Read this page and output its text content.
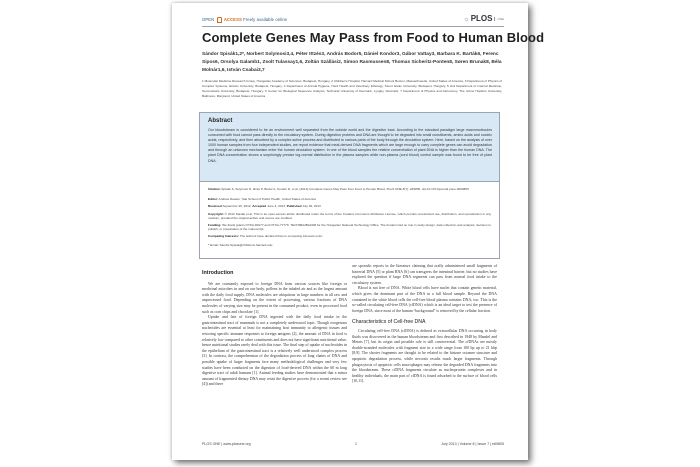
OPEN ACCESS Freely available online	☼PLOS ONE
Complete Genes May Pass from Food to Human Blood
Sándor Spisák1,2*, Norbert Solymosi3,4, Péter Ittzés3, András Bodor5, Dániel Kondor3, Gábor Vattay3, Barbara K. Barták6, Ferenc Sipos6, Orsolya Galamb1, Zsolt Tulassay1,6, Zoltán Szállási2, Simon Rasmussen8, Thomas Sicheritz-Ponten8, Søren Brunak8, Béla Molnár1,6, István Csabai3,7
1 Molecular Medicine Research Group, Hungarian Academy of Sciences, Budapest, Hungary, 2 Children's Hospital, Harvard Medical School Boston, Massachusetts, United States of America, 3 Department of Physics of Complex Systems, Eötvös University, Budapest, Hungary, 4 Department of Animal Hygiene, Herd Health and Veterinary Ethology, Szent István University, Budapest, Hungary, 5 2nd Department of Internal Medicine, Semmelweis University, Budapest, Hungary, 6 Center for Biological Sequence Analysis, Technical University of Denmark, Lyngby, Denmark, 7 Department of Physics and Astronomy, The Johns Hopkins University, Baltimore, Maryland, United States of America
Abstract

Our bloodstream is considered to be an environment well separated from the outside world and the digestive tract. According to the standard paradigm large macromolecules consumed with food cannot pass directly to the circulatory system. During digestion proteins and DNA are thought to be degraded into small constituents, amino acids and nucleic acids, respectively, and then absorbed by a complex active process and distributed to various parts of the body through the circulation system. Here, based on the analysis of over 1000 human samples from four independent studies, we report evidence that meal-derived DNA fragments which are large enough to carry complete genes can avoid degradation and through an unknown mechanism enter the human circulation system. In one of the blood samples the relative concentration of plant DNA is higher than the human DNA. The plant DNA concentration shows a surprisingly precise log-normal distribution in the plasma samples while non-plasma (cord blood) control sample was found to be free of plant DNA.

Citation: Spisák S, Solymosi N, Ittzés P, Bodor A, Kondor D, et al. (2013) Complete Genes May Pass from Food to Human Blood. PLoS ONE 8(7): e69805. doi:10.1371/journal.pone.0069805
Editor: Andrew Dewan, Yale School of Public Health, United States of America
Received September 25, 2012; Accepted June 4, 2013; Published July 30, 2013
Copyright: © 2013 Spisák et al. This is an open-access article distributed under the terms of the Creative Commons Attribution License, which permits unrestricted use, distribution, and reproduction in any medium, provided the original author and source are credited.
Funding: We thank grants OTKA-80177 and OTKA-77779, TECH08A2BioD08 for the Hungarian National Technology Office. The funders had no role in study design, data collection and analysis, decision to publish, or preparation of the manuscript.
Competing Interests: The authors have declared that no competing interests exist.
* Email: Sandor.Spisak@childrens.harvard.edu
Introduction

We are constantly exposed to foreign DNA from various sources like foreign or medicinal microbes in and on our body, pollens in the inhaled air and as the largest amount with the daily food supply. DNA molecules are ubiquitous in large numbers in all raw and unprocessed food. Depending on the extent of processing, various fractions of DNA molecules of varying size may be present in the consumed product, even in processed food such as corn chips and chocolate [1].

Uptake and fate of foreign DNA ingested with the daily food intake in the gastrointestinal tract of mammals is not a completely understood topic. Though exogenous nucleotides are essential at least for maintaining host immunity to allergenic tissues and restoring specific immune responses to foreign antigens [2], the amount of DNA in food is relatively low compared to other constituents and does not have significant nutritional value, hence nutritional studies rarely deal with this issue. The final step of uptake of nucleotides in the epithelium of the gastrointestinal tract is a relatively well understood complex process [3]. In contrast, the comprehension of the degradation process of long chains of DNA and possible uptake of larger fragments face many methodological challenges and very few studies have been conducted on the digestion of food-derived DNA within the 60 m long digestive tract of adult humans [1]. Animal feeding studies have demonstrated that a minor amount of fragmented dietary DNA may resist the digestive process (for a recent review see [4]) and there

are sporadic reports in the literature claiming that orally administered small fragments of bacterial DNA [5] or plant RNA [6] can transgress the intestinal barrier, but no studies have explored the question if large DNA segments can pass from normal food intake to the circulatory system.

Blood is not free of DNA. White blood cells have nuclei that contain genetic material, which gives the dominant part of the DNA in a full blood sample. Beyond the DNA contained in the white blood cells the cell-free blood plasma contains DNA, too. This is the so-called circulating cell-free DNA (cfDNA) which is an ideal target to test the presence of foreign DNA, since most of the human “background” is removed by the cellular fraction.

Characteristics of Cell-free DNA

Circulating cell-free DNA (cfDNA) is defined as extracellular DNA occurring in body fluids was discovered in the human bloodstream and first described in 1948 by Mandel and Metais [7], but its origin and possible role is still controversial. The cfDNAs are mostly double-stranded molecules with fragment size in a wide range from 100 bp up to 21 kbp [8,9]. The shorter fragments are thought to be related to the histone octamer structure and apoptotic degradation process, while necrosis results much larger fragments. Through phagocytosis of apoptotic cells macrophages may release the degraded DNA fragments into the bloodstream. These cfDNA fragments circulate as nucleoprotein complexes and in healthy individuals, the main part of cfDNA is found adsorbed to the surface of blood cells [10,11].

PLOS ONE | www.plosone.org	1	July 2013 | Volume 8 | Issue 7 | e69805
